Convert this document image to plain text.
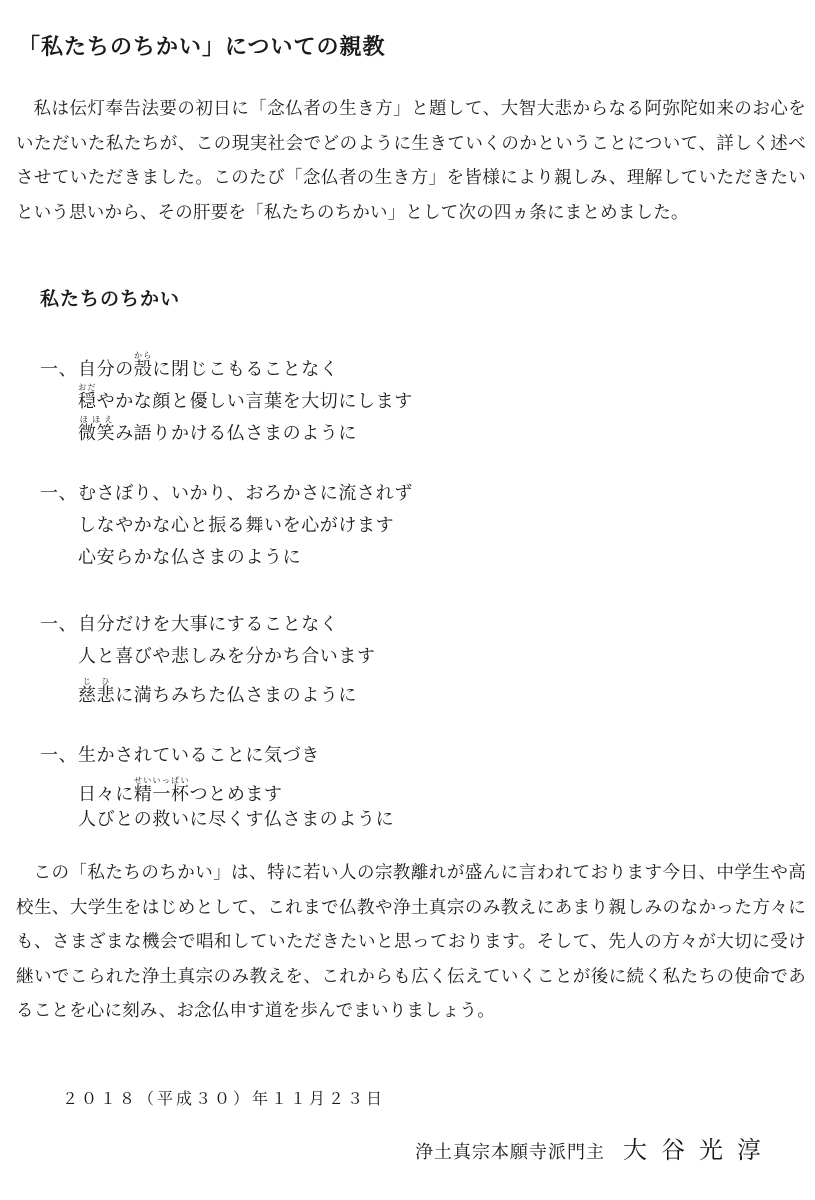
「私たちのちかい」についての親教

私は伝灯奉告法要の初日に「念仏者の生き方」と題して、大智大悲からなる阿弥陀如来のお心をいただいた私たちが、この現実社会でどのように生きていくのかということについて、詳しく述べさせていただきました。このたび「念仏者の生き方」を皆様により親しみ、理解していただきたいという思いから、その肝要を「私たちのちかい」として次の四ヵ条にまとめました。

私たちのちかい
一、自分の殻からに閉じこもることなく
穏おだやかな顔と優しい言葉を大切にします
微笑ほほえみ語りかける仏さまのように
一、むさぼり、いかり、おろかさに流されず
しなやかな心と振る舞いを心がけます
心安らかな仏さまのように
一、自分だけを大事にすることなく
人と喜びや悲しみを分かち合います
慈悲じひに満ちみちた仏さまのように
一、生かされていることに気づき
日々に精一杯せいいっぱいつとめます
人びとの救いに尽くす仏さまのように

この「私たちのちかい」は、特に若い人の宗教離れが盛んに言われております今日、中学生や高校生、大学生をはじめとして、これまで仏教や浄土真宗のみ教えにあまり親しみのなかった方々にも、さまざまな機会で唱和していただきたいと思っております。そして、先人の方々が大切に受け継いでこられた浄土真宗のみ教えを、これからも広く伝えていくことが後に続く私たちの使命であることを心に刻み、お念仏申す道を歩んでまいりましょう。

２０１８（平成３０）年１１月２３日
浄土真宗本願寺派門主 大谷光淳
